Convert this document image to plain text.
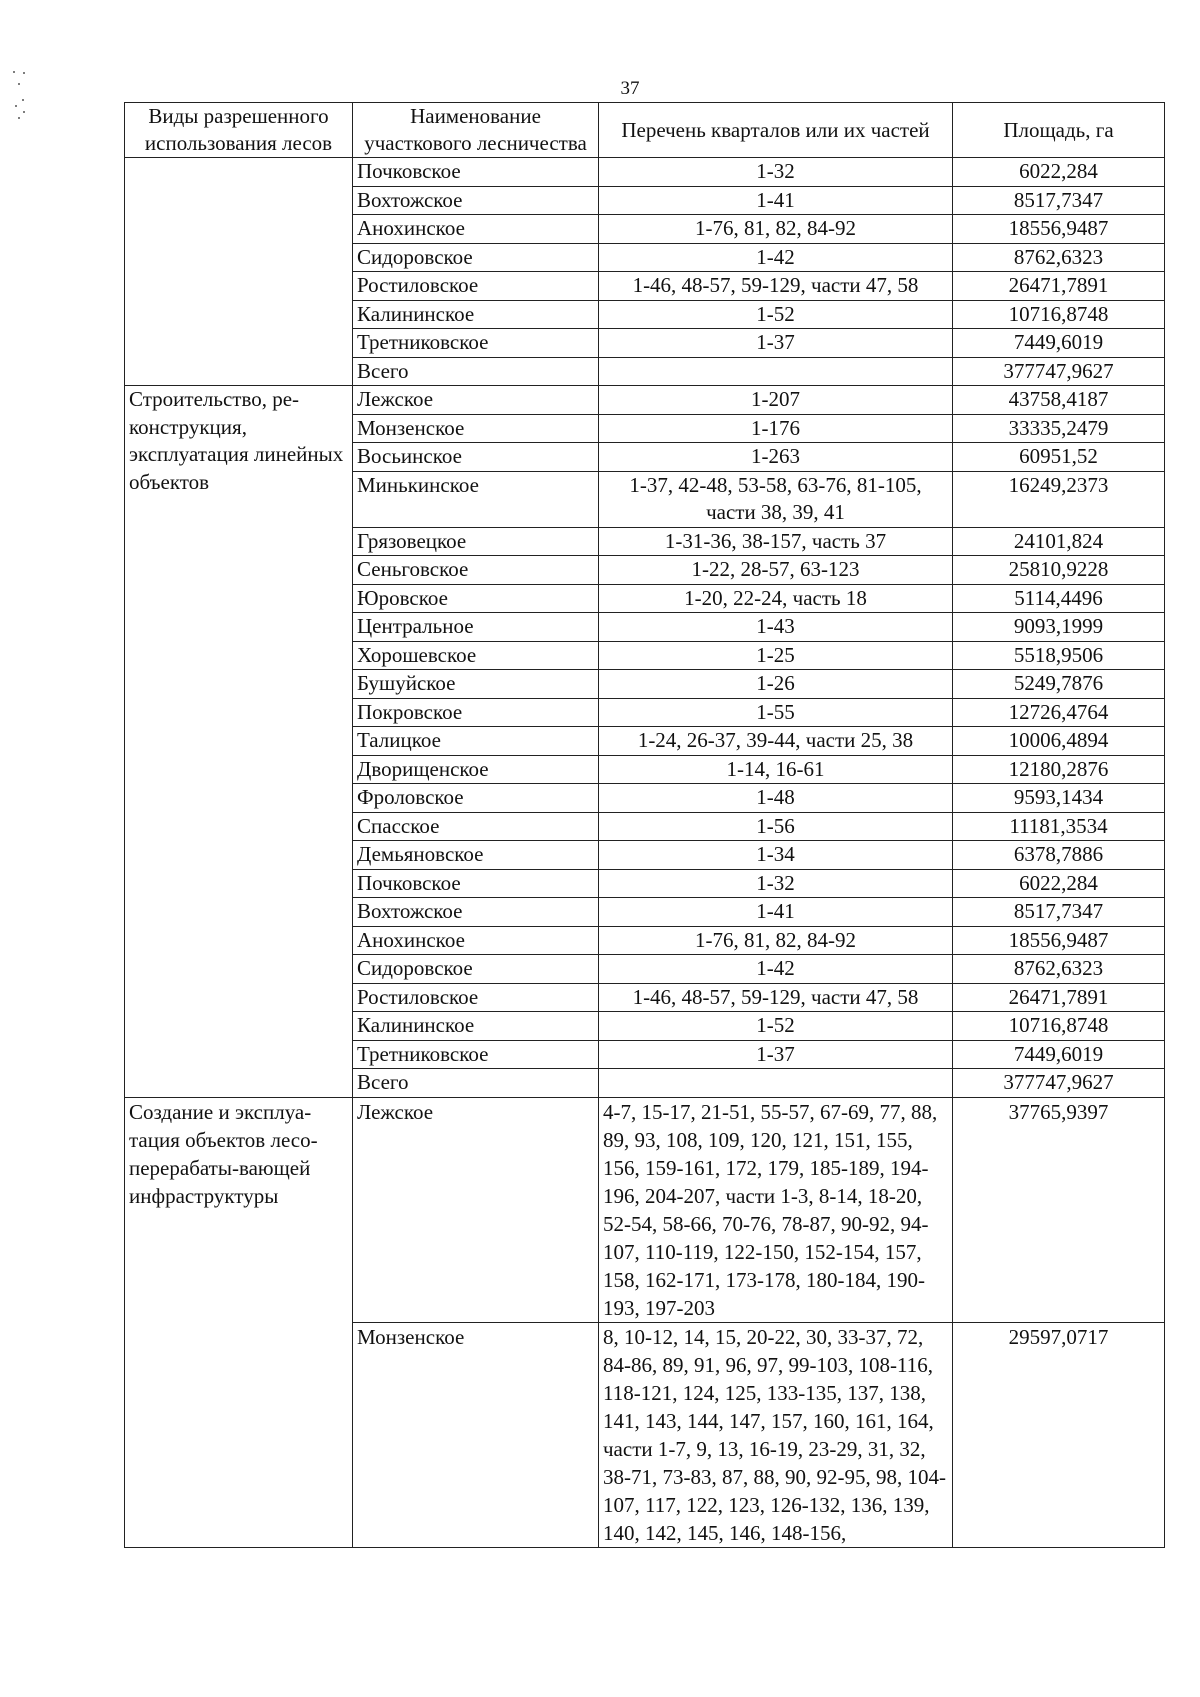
37
Виды разрешенного использования лесов	Наименование участкового лесничества	Перечень кварталов или их частей	Площадь, га
	Почковское	1-32	6022,284
	Вохтожское	1-41	8517,7347
	Анохинское	1-76, 81, 82, 84-92	18556,9487
	Сидоровское	1-42	8762,6323
	Ростиловское	1-46, 48-57, 59-129, части 47, 58	26471,7891
	Калининское	1-52	10716,8748
	Третниковское	1-37	7449,6019
	Всего		377747,9627
Строительство, ре-конструкция, эксплуатация линейных объектов	Лежское	1-207	43758,4187
	Монзенское	1-176	33335,2479
	Восьинское	1-263	60951,52
	Минькинское	1-37, 42-48, 53-58, 63-76, 81-105, части 38, 39, 41	16249,2373
	Грязовецкое	1-31-36, 38-157, часть 37	24101,824
	Сеньговское	1-22, 28-57, 63-123	25810,9228
	Юровское	1-20, 22-24, часть 18	5114,4496
	Центральное	1-43	9093,1999
	Хорошевское	1-25	5518,9506
	Бушуйское	1-26	5249,7876
	Покровское	1-55	12726,4764
	Талицкое	1-24, 26-37, 39-44, части 25, 38	10006,4894
	Дворищенское	1-14, 16-61	12180,2876
	Фроловское	1-48	9593,1434
	Спасское	1-56	11181,3534
	Демьяновское	1-34	6378,7886
	Почковское	1-32	6022,284
	Вохтожское	1-41	8517,7347
	Анохинское	1-76, 81, 82, 84-92	18556,9487
	Сидоровское	1-42	8762,6323
	Ростиловское	1-46, 48-57, 59-129, части 47, 58	26471,7891
	Калининское	1-52	10716,8748
	Третниковское	1-37	7449,6019
	Всего		377747,9627
Создание и эксплуа-тация объектов лесо-перерабаты-вающей инфраструктуры	Лежское	4-7, 15-17, 21-51, 55-57, 67-69, 77, 88, 89, 93, 108, 109, 120, 121, 151, 155, 156, 159-161, 172, 179, 185-189, 194-196, 204-207, части 1-3, 8-14, 18-20, 52-54, 58-66, 70-76, 78-87, 90-92, 94-107, 110-119, 122-150, 152-154, 157, 158, 162-171, 173-178, 180-184, 190-193, 197-203	37765,9397
	Монзенское	8, 10-12, 14, 15, 20-22, 30, 33-37, 72, 84-86, 89, 91, 96, 97, 99-103, 108-116, 118-121, 124, 125, 133-135, 137, 138, 141, 143, 144, 147, 157, 160, 161, 164, части 1-7, 9, 13, 16-19, 23-29, 31, 32, 38-71, 73-83, 87, 88, 90, 92-95, 98, 104-107, 117, 122, 123, 126-132, 136, 139, 140, 142, 145, 146, 148-156,	29597,0717
